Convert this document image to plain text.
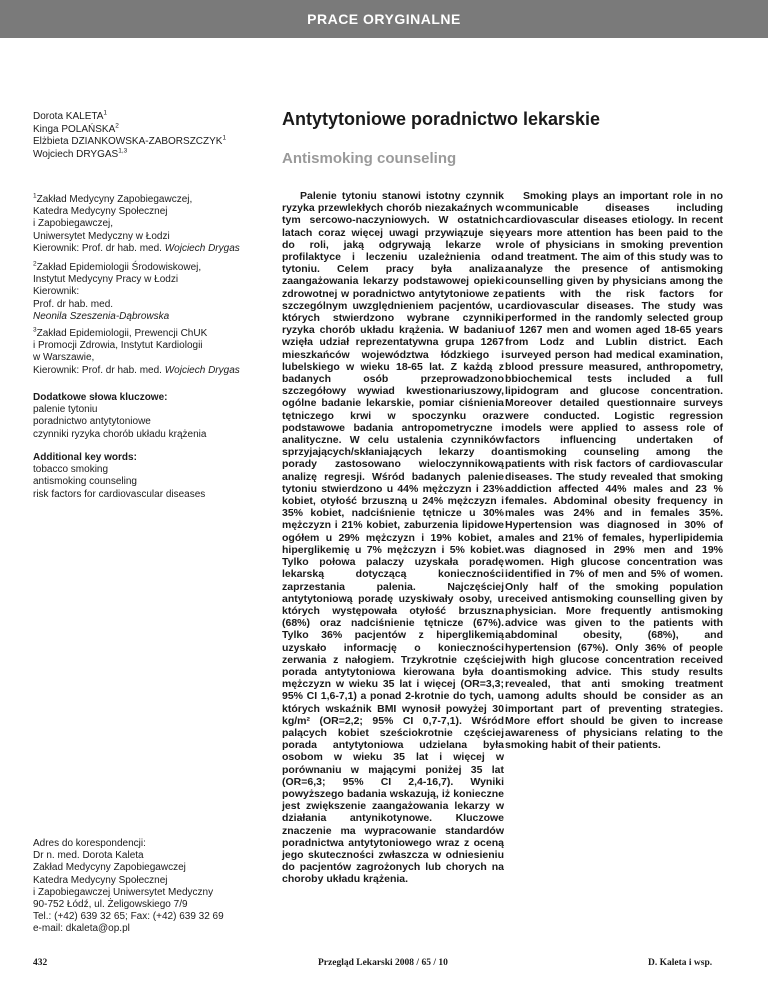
PRACE ORYGINALNE
Dorota KALETA$^1$
Kinga POLAŃSKA$^2$
Elżbieta DZIANKOWSKA-ZABORSZCZYK$^1$
Wojciech DRYGAS$^{1,3}$
Antytytoniowe poradnictwo lekarskie
Antismoking counseling
$^1$Zakład Medycyny Zapobiegawczej,
Katedra Medycyny Społecznej
i Zapobiegawczej,
Uniwersytet Medyczny w Łodzi
Kierownik: Prof. dr hab. med. Wojciech Drygas
$^2$Zakład Epidemiologii Środowiskowej,
Instytut Medycyny Pracy w Łodzi
Kierownik:
Prof. dr hab. med.
Neonila Szeszenia-Dąbrowska
$^3$Zakład Epidemiologii, Prewencji ChUK
i Promocji Zdrowia, Instytut Kardiologii
w Warszawie,
Kierownik: Prof. dr hab. med. Wojciech Drygas
Dodatkowe słowa kluczowe:
palenie tytoniu
poradnictwo antytytoniowe
czynniki ryzyka chorób układu krążenia
Additional key words:
tobacco smoking
antismoking counseling
risk factors for cardiovascular diseases
Adres do korespondencji:
Dr n. med. Dorota Kaleta
Zakład Medycyny Zapobiegawczej
Katedra Medycyny Społecznej
i Zapobiegawczej Uniwersytet Medyczny
90-752 Łódź, ul. Żeligowskiego 7/9
Tel.: (+42) 639 32 65; Fax: (+42) 639 32 69
e-mail: dkaleta@op.pl

Palenie tytoniu stanowi istotny czynnik ryzyka przewlekłych chorób niezakaźnych w tym sercowo-naczyniowych. W ostatnich latach coraz więcej uwagi przywiązuje się do roli, jaką odgrywają lekarze w profilaktyce i leczeniu uzależnienia od tytoniu. Celem pracy była analiza zaangażowania lekarzy podstawowej opieki zdrowotnej w poradnictwo antytytoniowe ze szczególnym uwzględnieniem pacjentów, u których stwierdzono wybrane czynniki ryzyka chorób układu krążenia. W badaniu wzięła udział reprezentatywna grupa 1267 mieszkańców województwa łódzkiego i lubelskiego w wieku 18-65 lat. Z każdą z badanych osób przeprowadzono szczegółowy wywiad kwestionariuszowy, ogólne badanie lekarskie, pomiar ciśnienia tętniczego krwi w spoczynku oraz podstawowe badania antropometryczne i analityczne. W celu ustalenia czynników sprzyjających/skłaniających lekarzy do porady zastosowano wieloczynnikową analizę regresji. Wśród badanych palenie tytoniu stwierdzono u 44% mężczyzn i 23% kobiet, otyłość brzuszną u 24% mężczyzn i 35% kobiet, nadciśnienie tętnicze u 30% mężczyzn i 21% kobiet, zaburzenia lipidowe ogółem u 29% mężczyzn i 19% kobiet, a hiperglikemię u 7% mężczyzn i 5% kobiet. Tylko połowa palaczy uzyskała poradę lekarską dotyczącą konieczności zaprzestania palenia. Najczęściej antytytoniową poradę uzyskiwały osoby, u których występowała otyłość brzuszna (68%) oraz nadciśnienie tętnicze (67%). Tylko 36% pacjentów z hiperglikemią uzyskało informację o konieczności zerwania z nałogiem. Trzykrotnie częściej porada antytytoniowa kierowana była do mężczyzn w wieku 35 lat i więcej (OR=3,3; 95% CI 1,6-7,1) a ponad 2-krotnie do tych, u których wskaźnik BMI wynosił powyżej 30 kg/m² (OR=2,2; 95% CI 0,7-7,1). Wśród palących kobiet sześciokrotnie częściej porada antytytoniowa udzielana była osobom w wieku 35 lat i więcej w porównaniu w mającymi poniżej 35 lat (OR=6,3; 95% CI 2,4-16,7). Wyniki powyższego badania wskazują, iż konieczne jest zwiększenie zaangażowania lekarzy w działania antynikotynowe. Kluczowe znaczenie ma wypracowanie standardów poradnictwa antytytoniowego wraz z oceną jego skuteczności zwłaszcza w odniesieniu do pacjentów zagrożonych lub chorych na choroby układu krążenia.

Smoking plays an important role in no communicable diseases including cardiovascular diseases etiology. In recent years more attention has been paid to the role of physicians in smoking prevention and treatment. The aim of this study was to analyze the presence of antismoking counselling given by physicians among the patients with the risk factors for cardiovascular diseases. The study was performed in the randomly selected group of 1267 men and women aged 18-65 years from Lodz and Lublin district. Each surveyed person had medical examination, blood pressure measured, anthropometry, bbiochemical tests included a full lipidogram and glucose concentration. Moreover detailed questionnaire surveys were conducted. Logistic regression models were applied to assess role of factors influencing undertaken of antismoking counseling among the patients with risk factors of cardiovascular diseases. The study revealed that smoking addiction affected 44% males and 23 % females. Abdominal obesity frequency in males was 24% and in females 35%. Hypertension was diagnosed in 30% of males and 21% of females, hyperlipidemia was diagnosed in 29% men and 19% women. High glucose concentration was identified in 7% of men and 5% of women. Only half of the smoking population received antismoking counselling given by physician. More frequently antismoking advice was given to the patients with abdominal obesity, (68%), and hypertension (67%). Only 36% of people with high glucose concentration received antismoking advice. This study results revealed, that anti smoking treatment among adults should be consider as an important part of preventing strategies. More effort should be given to increase awareness of physicians relating to the smoking habit of their patients.

432	Przegląd Lekarski 2008 / 65 / 10	D. Kaleta i wsp.
